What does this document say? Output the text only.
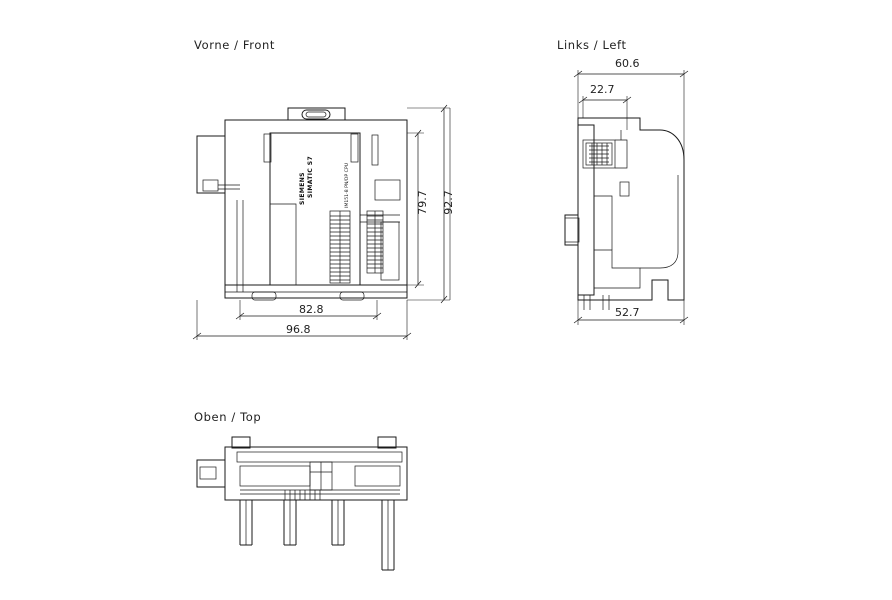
Vorne / Front	Links / Left
Oben / Top
SIEMENS SIMATIC S7	IM151-8 PN/DP CPU
82.8
96.8
79.7 92.7
60.6
22.7
52.7
